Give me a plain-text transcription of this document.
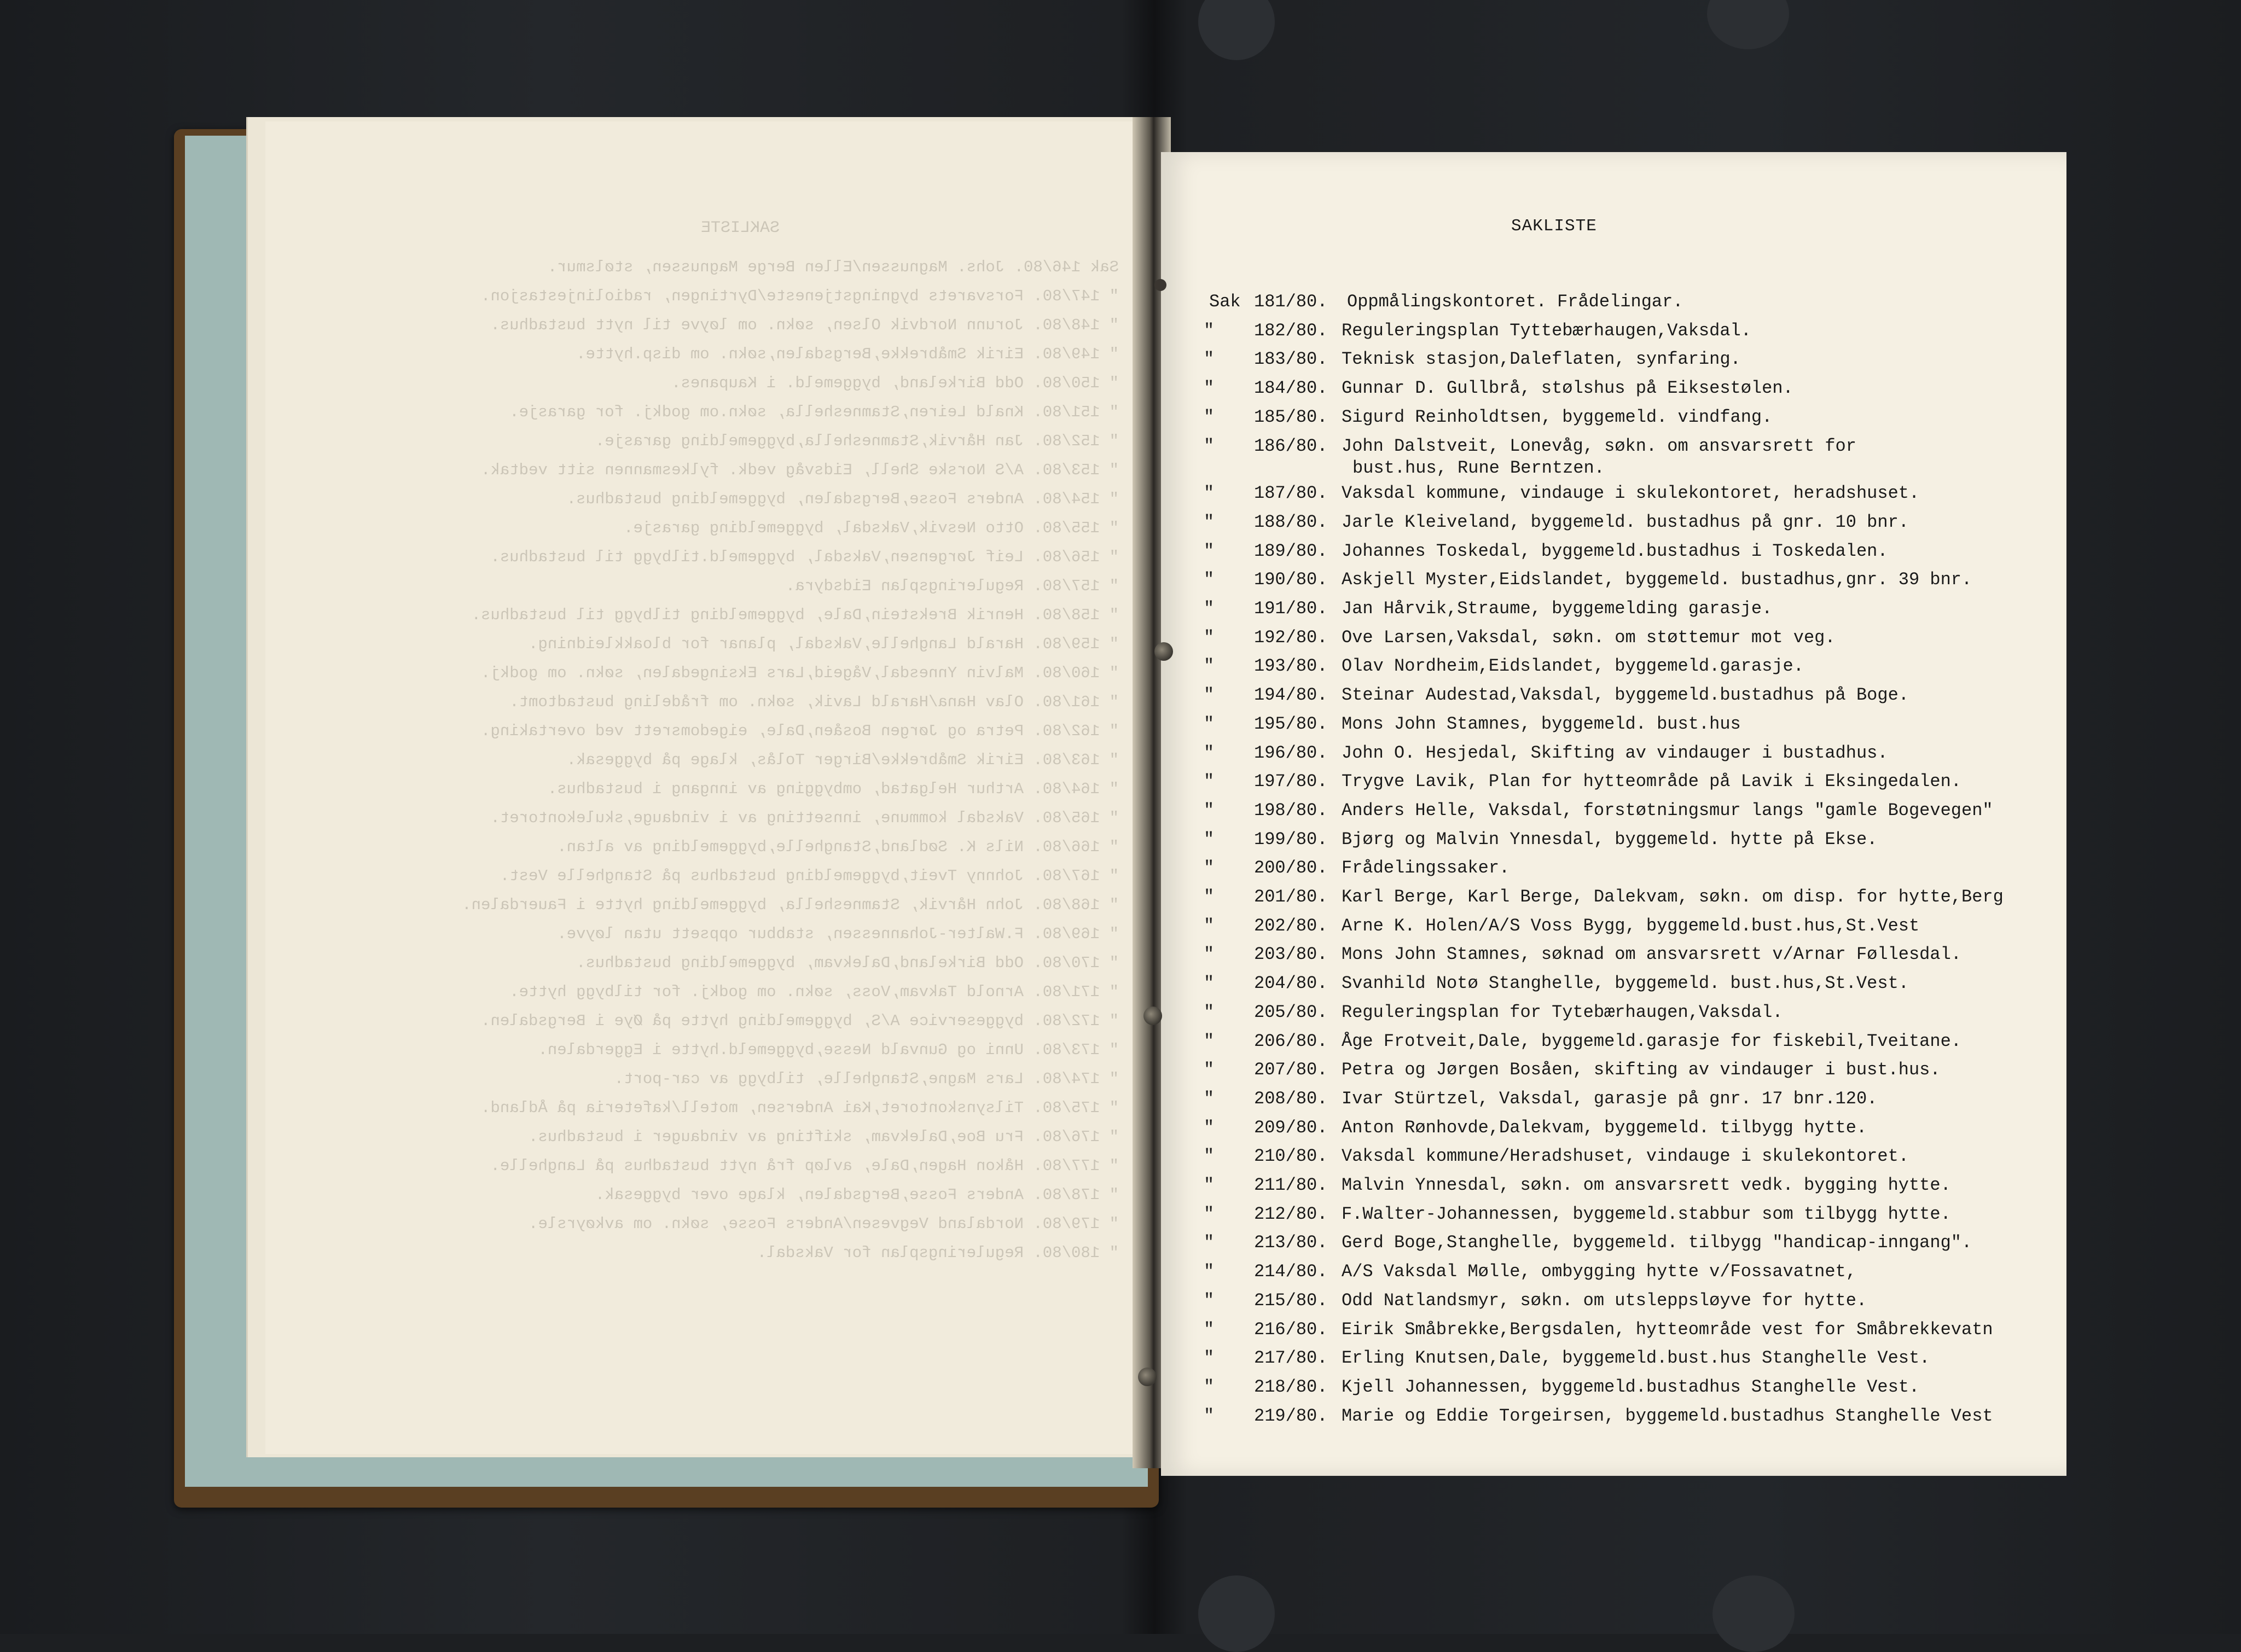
SAKLISTE
Sak 146/80. Johs. Magnussen/Ellen Berge Magnussen, stølsmur.
" 147/80. Forsvarets bygningstjeneste/Dyrtingen, radiolinjestasjon.
" 148/80. Jorunn Nordvik Olsen, søkn. om løyve til nytt bustadhus.
" 149/80. Eirik Småbrekke,Bergsdalen,søkn. om disp.hytte.
" 150/80. Odd Birkeland, byggemeld. i Kaupanes.
" 151/80. Knald Leiren,Stamneshella, søkn.om godkj. for garasje.
" 152/80. Jan Hårvik,Stamneshella,byggemelding garasje.
" 153/80. A/S Norske Shell, Eidsvåg vedk. fylkesmannen sitt vedtak.
" 154/80. Anders Fosse,Bergsdalen, byggemelding bustadhus.
" 155/80. Otto Nesvik,Vaksdal, byggemelding garasje.
" 156/80. Leif Jørgensen,Vaksdal, byggemeld.tilbygg til bustadhus.
" 157/80. Reguleringsplan Eidsdyra.
" 158/80. Henrik Brekstein,Dale, byggemelding tilbygg til bustadhus.
" 159/80. Harald Langhelle,Vaksdal, planar for bloakkleidning.
" 160/80. Malvin Ynnesdal,Vågeid,Lars Eksingedalen, søkn. om godkj.
" 161/80. Olav Hana/Harald Lavik, søkn. om frådeling bustadtomt.
" 162/80. Petra og Jørgen Bosåen,Dale, eigedomsrett ved overtaking.
" 163/80. Eirik Småbrekke/Birger Tolås, klage på byggesak.
" 164/80. Arthur Helgatad, ombygging av inngang i bustadhus.
" 165/80. Vaksdal kommune, innsetting av i vindauge,skulekontoret.
" 166/80. Nils K. Sødland,Stanghelle,byggemelding av altan.
" 167/80. Johnny Tveit,byggemelding bustadhus på Stanghelle Vest.
" 168/80. John Hårvik, Stamneshella, byggemelding hytte i Fauerdalen.
" 169/80. F.Walter-Johannessen, stabbur oppsett utan løyve.
" 170/80. Odd Birkeland,Dalekvam, byggemelding bustadhus.
" 171/80. Arnold Takvam,Voss, søkn. om godkj. for tilbygg hytte.
" 172/80. byggeservice A/S, byggemelding hytte på Øye i Bergsdalen.
" 173/80. Unni og Gunvald Nesse,byggemeld.hytte i Eggerdalen.
" 174/80. Lars Magne,Stanghelle, tilbygg av car-port.
" 175/80. Tilsynskontoret,Kai Andersen, motell/kafeteria på Ådland.
" 176/80. Fru Boe,Dalekvam, skifting av vindauger i bustadhus.
" 177/80. Håkon Hagen,Dale, avløp frå nytt bustadhus på Langhelle.
" 178/80. Anders Fosse,Bergsdalen, klage over byggesak.
" 179/80. Nordaland Vegvesen/Anders Fosse, søkn. om avkøyrsle.
" 180/80. Reguleringsplan for Vaksdal.
SAKLISTE
Sak 181/80. Oppmålingskontoret. Frådelingar.
" 182/80. Reguleringsplan Tyttebærhaugen,Vaksdal.
" 183/80. Teknisk stasjon,Daleflaten, synfaring.
" 184/80. Gunnar D. Gullbrå, stølshus på Eiksestølen.
" 185/80. Sigurd Reinholdtsen, byggemeld. vindfang.
" 186/80. John Dalstveit, Lonevåg, søkn. om ansvarsrett for
bust.hus, Rune Berntzen.
" 187/80. Vaksdal kommune, vindauge i skulekontoret, heradshuset.
" 188/80. Jarle Kleiveland, byggemeld. bustadhus på gnr. 10 bnr.
" 189/80. Johannes Toskedal, byggemeld.bustadhus i Toskedalen.
" 190/80. Askjell Myster,Eidslandet, byggemeld. bustadhus,gnr. 39 bnr.
" 191/80. Jan Hårvik,Straume, byggemelding garasje.
" 192/80. Ove Larsen,Vaksdal, søkn. om støttemur mot veg.
" 193/80. Olav Nordheim,Eidslandet, byggemeld.garasje.
" 194/80. Steinar Audestad,Vaksdal, byggemeld.bustadhus på Boge.
" 195/80. Mons John Stamnes, byggemeld. bust.hus
" 196/80. John O. Hesjedal, Skifting av vindauger i bustadhus.
" 197/80. Trygve Lavik, Plan for hytteområde på Lavik i Eksingedalen.
" 198/80. Anders Helle, Vaksdal, forstøtningsmur langs "gamle Bogevegen"
" 199/80. Bjørg og Malvin Ynnesdal, byggemeld. hytte på Ekse.
" 200/80. Frådelingssaker.
" 201/80. Karl Berge, Karl Berge, Dalekvam, søkn. om disp. for hytte,Berg
" 202/80. Arne K. Holen/A/S Voss Bygg, byggemeld.bust.hus,St.Vest
" 203/80. Mons John Stamnes, søknad om ansvarsrett v/Arnar Føllesdal.
" 204/80. Svanhild Notø Stanghelle, byggemeld. bust.hus,St.Vest.
" 205/80. Reguleringsplan for Tytebærhaugen,Vaksdal.
" 206/80. Åge Frotveit,Dale, byggemeld.garasje for fiskebil,Tveitane.
" 207/80. Petra og Jørgen Bosåen, skifting av vindauger i bust.hus.
" 208/80. Ivar Stürtzel, Vaksdal, garasje på gnr. 17 bnr.120.
" 209/80. Anton Rønhovde,Dalekvam, byggemeld. tilbygg hytte.
" 210/80. Vaksdal kommune/Heradshuset, vindauge i skulekontoret.
" 211/80. Malvin Ynnesdal, søkn. om ansvarsrett vedk. bygging hytte.
" 212/80. F.Walter-Johannessen, byggemeld.stabbur som tilbygg hytte.
" 213/80. Gerd Boge,Stanghelle, byggemeld. tilbygg "handicap-inngang".
" 214/80. A/S Vaksdal Mølle, ombygging hytte v/Fossavatnet,
" 215/80. Odd Natlandsmyr, søkn. om utsleppsløyve for hytte.
" 216/80. Eirik Småbrekke,Bergsdalen, hytteområde vest for Småbrekkevatn
" 217/80. Erling Knutsen,Dale, byggemeld.bust.hus Stanghelle Vest.
" 218/80. Kjell Johannessen, byggemeld.bustadhus Stanghelle Vest.
" 219/80. Marie og Eddie Torgeirsen, byggemeld.bustadhus Stanghelle Vest
